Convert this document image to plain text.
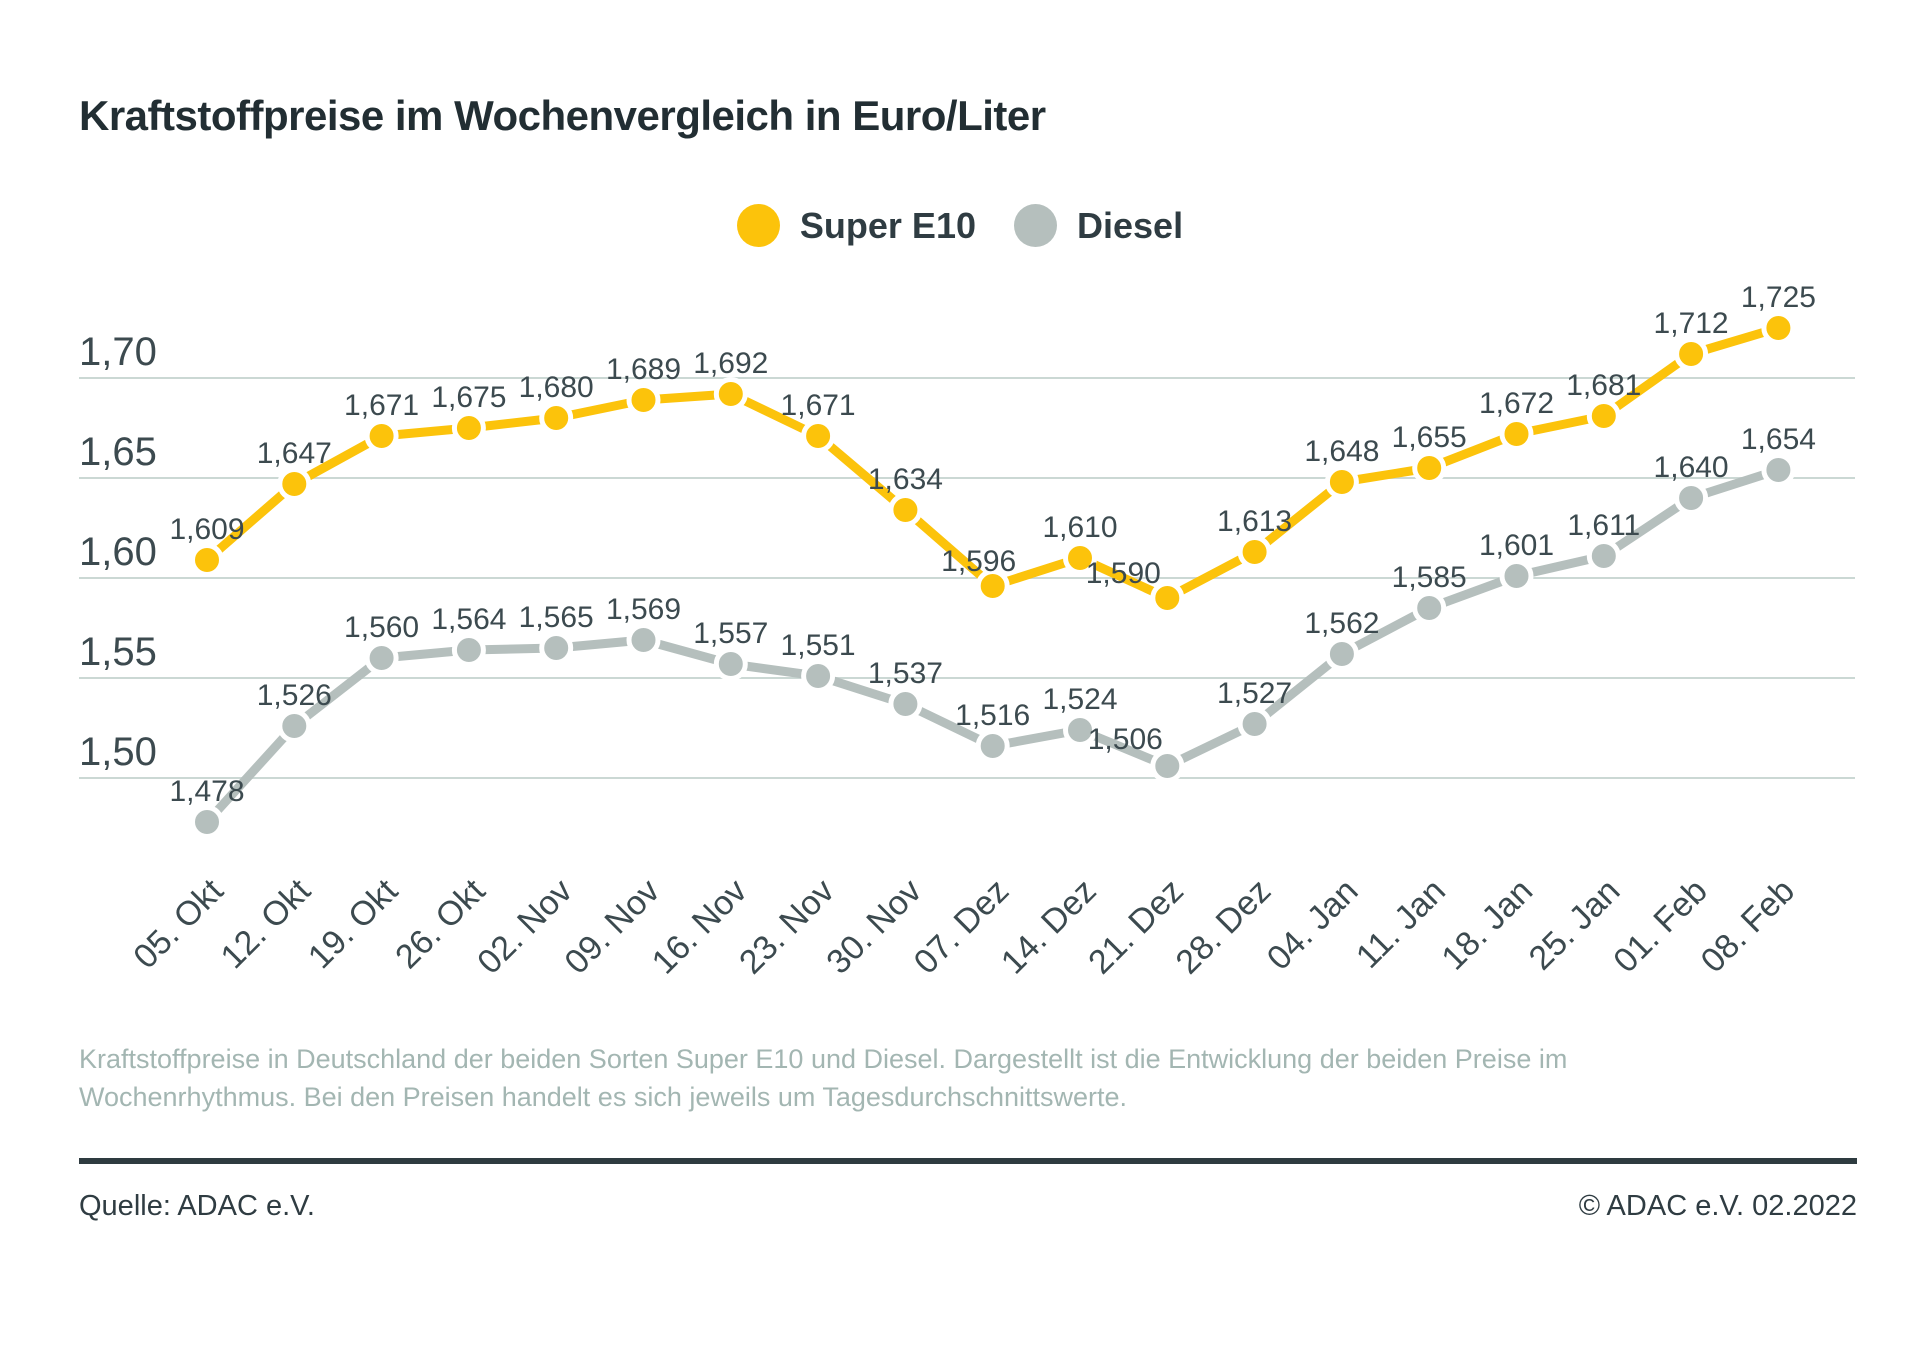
Kraftstoffpreise im Wochenvergleich in Euro/Liter
Super E10	Diesel
1,70
1,65
1,60
1,55
1,50
05. Okt
12. Okt
19. Okt
26. Okt
02. Nov
09. Nov
16. Nov
23. Nov
30. Nov
07. Dez
14. Dez
21. Dez
28. Dez
04. Jan
11. Jan
18. Jan
25. Jan
01. Feb
08. Feb
1,609
1,647
1,671 1,675 1,680
1,689 1,692
1,671
1,634
1,596
1,610
1,590
1,613
1,648 1,655
1,672
1,681
1,712
1,725
1,478
1,526
1,560 1,564 1,565 1,569
1,557 1,551
1,537
1,516 1,524
1,506
1,527
1,562
1,585
1,601
1,611
1,640
1,654

Kraftstoffpreise in Deutschland der beiden Sorten Super E10 und Diesel. Dargestellt ist die Entwicklung der beiden Preise im Wochenrhythmus. Bei den Preisen handelt es sich jeweils um Tagesdurchschnittswerte.

Quelle: ADAC e.V.	© ADAC e.V. 02.2022
